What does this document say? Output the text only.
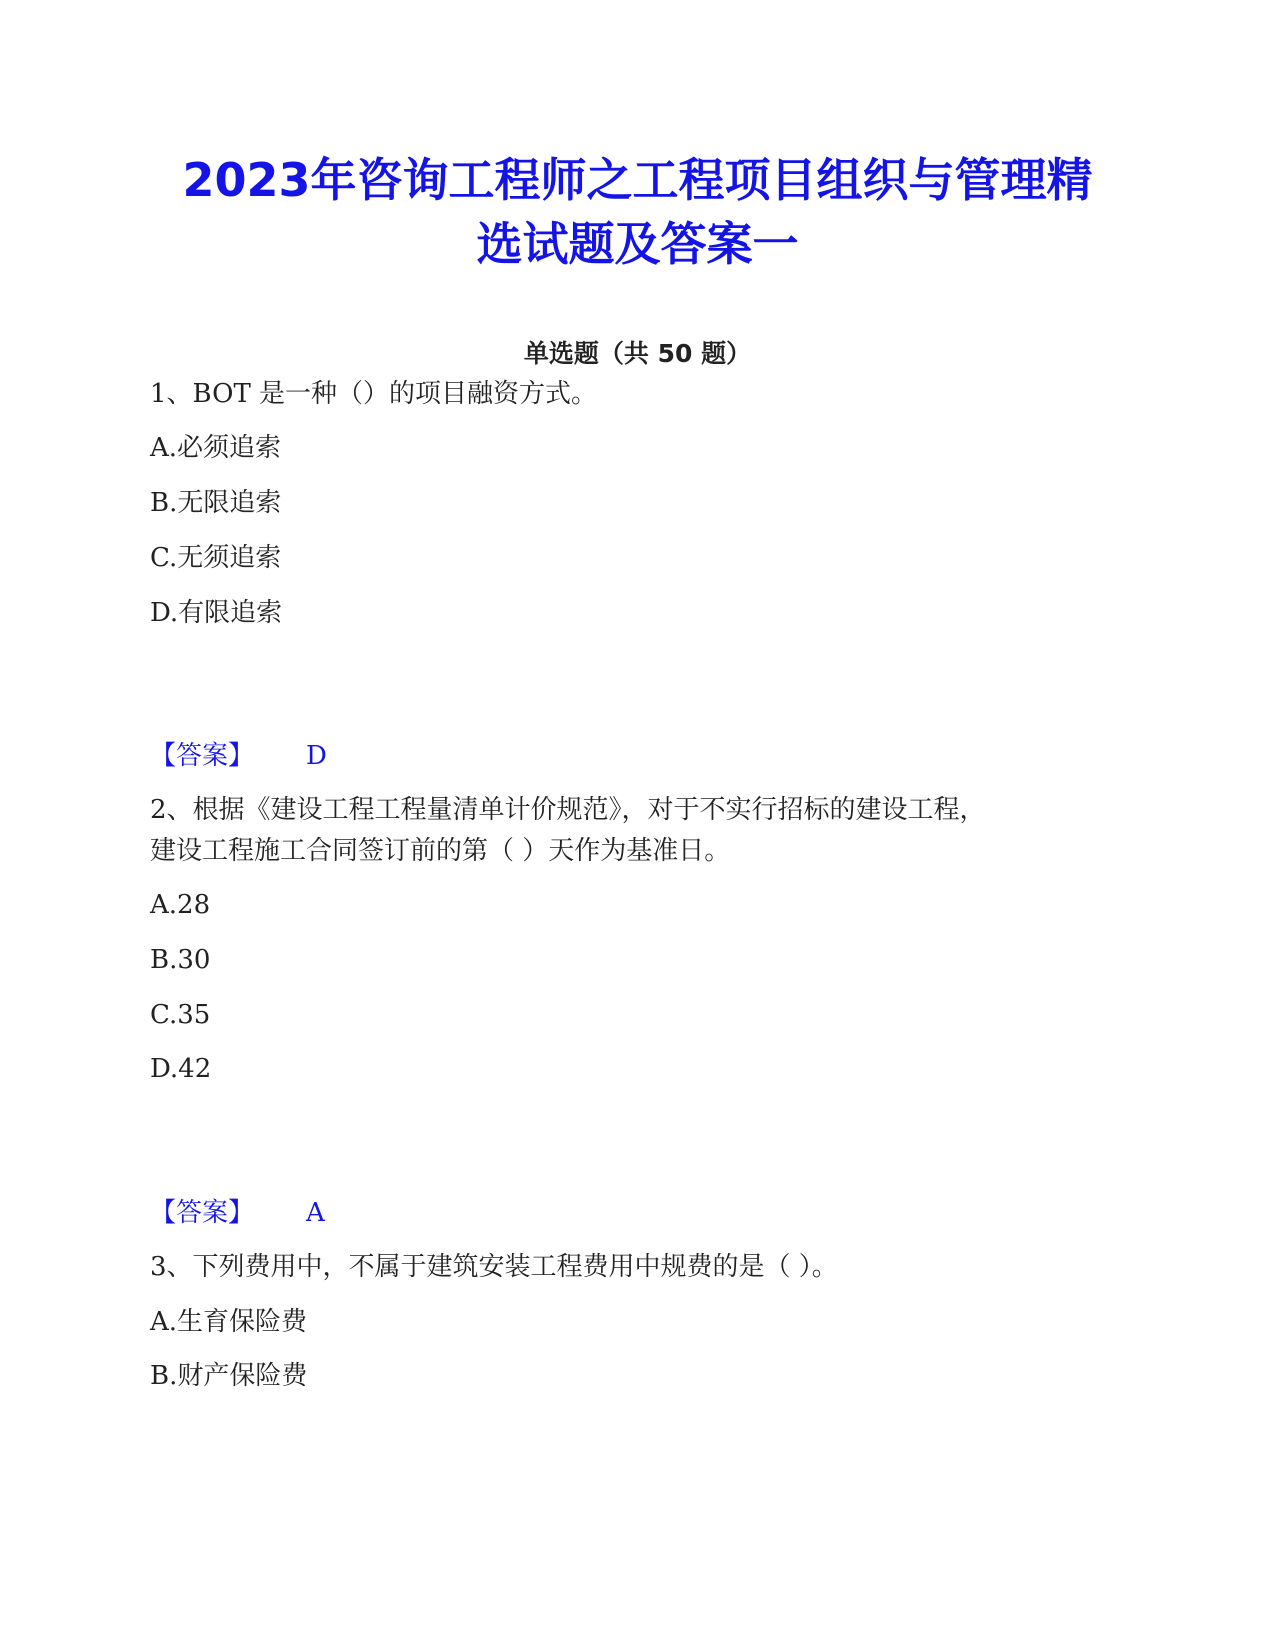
2023年咨询工程师之工程项目组织与管理精
选试题及答案一
单选题（共 50 题）
1、BOT 是一种（）的项目融资方式。
A.必须追索
B.无限追索
C.无须追索
D.有限追索
【答案】 D
2、根据《建设工程工程量清单计价规范》，对于不实行招标的建设工程，
建设工程施工合同签订前的第（ ）天作为基准日。
A.28
B.30
C.35
D.42
【答案】 A
3、下列费用中，不属于建筑安装工程费用中规费的是（ ）。
A.生育保险费
B.财产保险费
